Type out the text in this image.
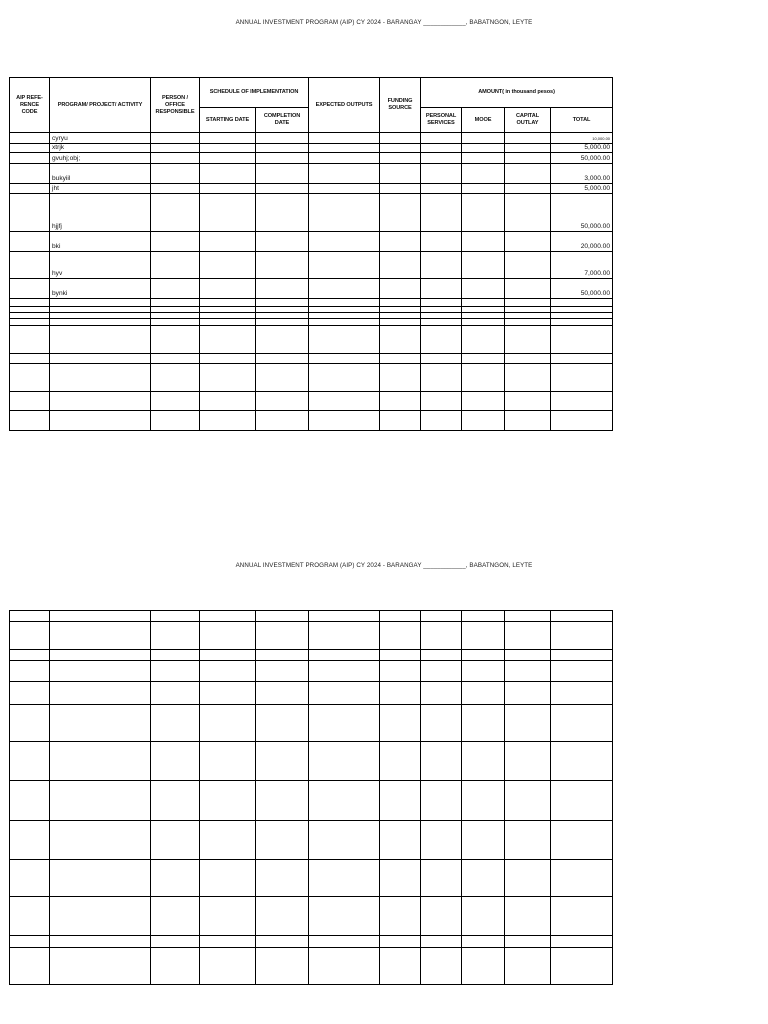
ANNUAL INVESTMENT PROGRAM (AIP) CY 2024 - BARANGAY ____________, BABATNGON, LEYTE
AIP REFE- RENCE CODE	PROGRAM/ PROJECT/ ACTIVITY	PERSON / OFFICE RESPONSIBLE	SCHEDULE OF IMPLEMENTATION		EXPECTED OUTPUTS	FUNDING SOURCE	AMOUNT( in thousand pesos)			
			STARTING DATE	COMPLETION DATE			PERSONAL SERVICES	MOOE	CAPITAL OUTLAY	TOTAL
	cyryu									10,000.00
	xtrjk									5,000.00
	gvuhj;obj;									50,000.00
	bukyiil									3,000.00
	jht									5,000.00
	hjjfj									50,000.00
	bki									20,000.00
	hyv									7,000.00
	bynki									50,000.00

ANNUAL INVESTMENT PROGRAM (AIP) CY 2024 - BARANGAY ____________, BABATNGON, LEYTE
